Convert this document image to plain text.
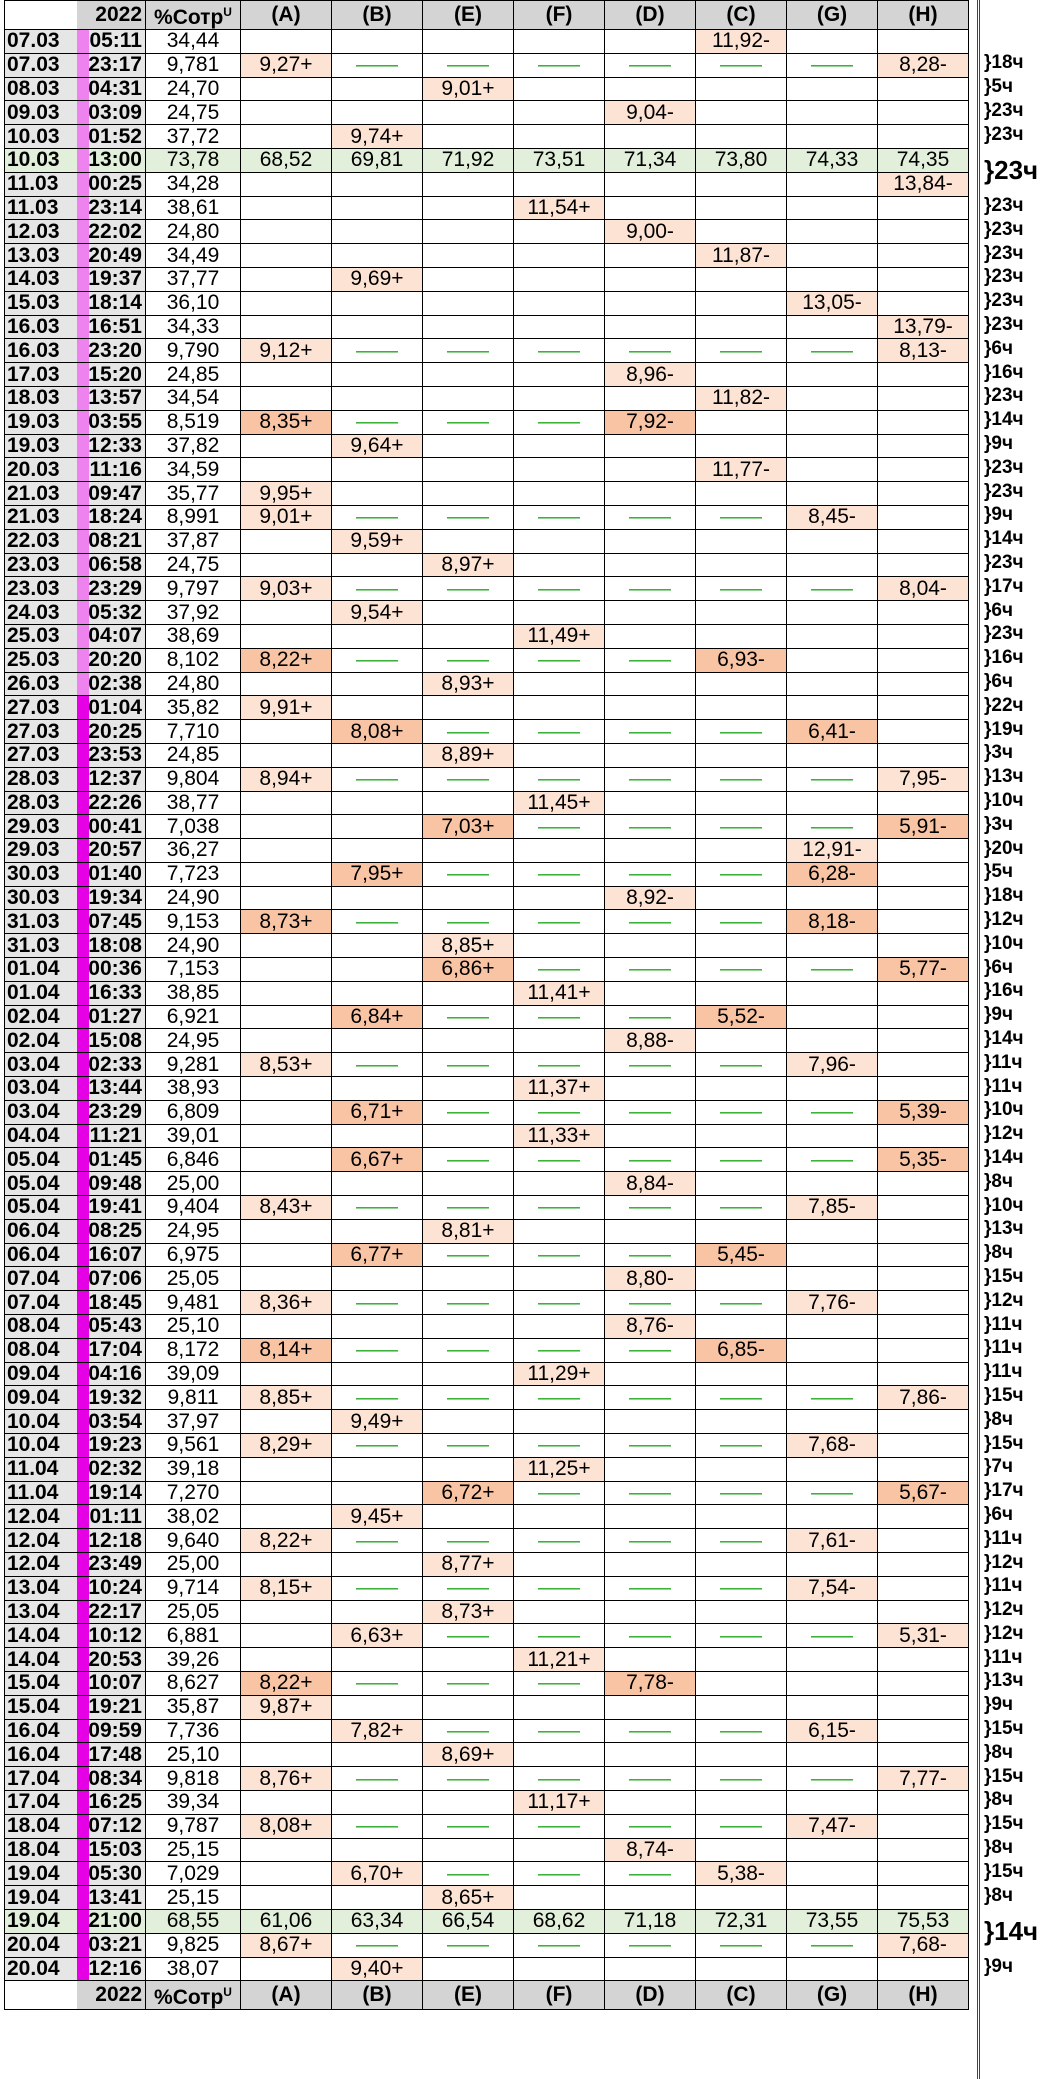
	2022	%Сотр$^U$	(A)	(B)	(E)	(F)	(D)	(C)	(G)	(H)
07.03	05:11	34,44						11,92-		
07.03	23:17	9,781	9,27+	——	——	——	——	——	——	8,28-
08.03	04:31	24,70			9,01+					
09.03	03:09	24,75					9,04-			
10.03	01:52	37,72		9,74+						
10.03	13:00	73,78	68,52	69,81	71,92	73,51	71,34	73,80	74,33	74,35
11.03	00:25	34,28								13,84-
11.03	23:14	38,61				11,54+				
12.03	22:02	24,80					9,00-			
13.03	20:49	34,49						11,87-		
14.03	19:37	37,77		9,69+						
15.03	18:14	36,10							13,05-	
16.03	16:51	34,33								13,79-
16.03	23:20	9,790	9,12+	——	——	——	——	——	——	8,13-
17.03	15:20	24,85					8,96-			
18.03	13:57	34,54						11,82-		
19.03	03:55	8,519	8,35+	——	——	——	7,92-			
19.03	12:33	37,82		9,64+						
20.03	11:16	34,59						11,77-		
21.03	09:47	35,77	9,95+							
21.03	18:24	8,991	9,01+	——	——	——	——	——	8,45-	
22.03	08:21	37,87		9,59+						
23.03	06:58	24,75			8,97+					
23.03	23:29	9,797	9,03+	——	——	——	——	——	——	8,04-
24.03	05:32	37,92		9,54+						
25.03	04:07	38,69				11,49+				
25.03	20:20	8,102	8,22+	——	——	——	——	6,93-		
26.03	02:38	24,80			8,93+					
27.03	01:04	35,82	9,91+							
27.03	20:25	7,710		8,08+	——	——	——	——	6,41-	
27.03	23:53	24,85			8,89+					
28.03	12:37	9,804	8,94+	——	——	——	——	——	——	7,95-
28.03	22:26	38,77				11,45+				
29.03	00:41	7,038			7,03+	——	——	——	——	5,91-
29.03	20:57	36,27							12,91-	
30.03	01:40	7,723		7,95+	——	——	——	——	6,28-	
30.03	19:34	24,90					8,92-			
31.03	07:45	9,153	8,73+	——	——	——	——	——	8,18-	
31.03	18:08	24,90			8,85+					
01.04	00:36	7,153			6,86+	——	——	——	——	5,77-
01.04	16:33	38,85				11,41+				
02.04	01:27	6,921		6,84+	——	——	——	5,52-		
02.04	15:08	24,95					8,88-			
03.04	02:33	9,281	8,53+	——	——	——	——	——	7,96-	
03.04	13:44	38,93				11,37+				
03.04	23:29	6,809		6,71+	——	——	——	——	——	5,39-
04.04	11:21	39,01				11,33+				
05.04	01:45	6,846		6,67+	——	——	——	——	——	5,35-
05.04	09:48	25,00					8,84-			
05.04	19:41	9,404	8,43+	——	——	——	——	——	7,85-	
06.04	08:25	24,95			8,81+					
06.04	16:07	6,975		6,77+	——	——	——	5,45-		
07.04	07:06	25,05					8,80-			
07.04	18:45	9,481	8,36+	——	——	——	——	——	7,76-	
08.04	05:43	25,10					8,76-			
08.04	17:04	8,172	8,14+	——	——	——	——	6,85-		
09.04	04:16	39,09				11,29+				
09.04	19:32	9,811	8,85+	——	——	——	——	——	——	7,86-
10.04	03:54	37,97		9,49+						
10.04	19:23	9,561	8,29+	——	——	——	——	——	7,68-	
11.04	02:32	39,18				11,25+				
11.04	19:14	7,270			6,72+	——	——	——	——	5,67-
12.04	01:11	38,02		9,45+						
12.04	12:18	9,640	8,22+	——	——	——	——	——	7,61-	
12.04	23:49	25,00			8,77+					
13.04	10:24	9,714	8,15+	——	——	——	——	——	7,54-	
13.04	22:17	25,05			8,73+					
14.04	10:12	6,881		6,63+	——	——	——	——	——	5,31-
14.04	20:53	39,26				11,21+				
15.04	10:07	8,627	8,22+	——	——	——	7,78-			
15.04	19:21	35,87	9,87+							
16.04	09:59	7,736		7,82+	——	——	——	——	6,15-	
16.04	17:48	25,10			8,69+					
17.04	08:34	9,818	8,76+	——	——	——	——	——	——	7,77-
17.04	16:25	39,34				11,17+				
18.04	07:12	9,787	8,08+	——	——	——	——	——	7,47-	
18.04	15:03	25,15					8,74-			
19.04	05:30	7,029		6,70+	——	——	——	5,38-		
19.04	13:41	25,15			8,65+					
19.04	21:00	68,55	61,06	63,34	66,54	68,62	71,18	72,31	73,55	75,53
20.04	03:21	9,825	8,67+	——	——	——	——	——	——	7,68-
20.04	12:16	38,07		9,40+						
	2022	%Сотр$^U$	(A)	(B)	(E)	(F)	(D)	(C)	(G)	(H)
}18ч
}5ч
}23ч
}23ч
}23ч
}23ч
}23ч
}23ч
}23ч
}23ч
}23ч
}6ч
}16ч
}23ч
}14ч
}9ч
}23ч
}23ч
}9ч
}14ч
}23ч
}17ч
}6ч
}23ч
}16ч
}6ч
}22ч
}19ч
}3ч
}13ч
}10ч
}3ч
}20ч
}5ч
}18ч
}12ч
}10ч
}6ч
}16ч
}9ч
}14ч
}11ч
}11ч
}10ч
}12ч
}14ч
}8ч
}10ч
}13ч
}8ч
}15ч
}12ч
}11ч
}11ч
}11ч
}15ч
}8ч
}15ч
}7ч
}17ч
}6ч
}11ч
}12ч
}11ч
}12ч
}12ч
}11ч
}13ч
}9ч
}15ч
}8ч
}15ч
}8ч
}15ч
}8ч
}15ч
}8ч
}14ч
}9ч
